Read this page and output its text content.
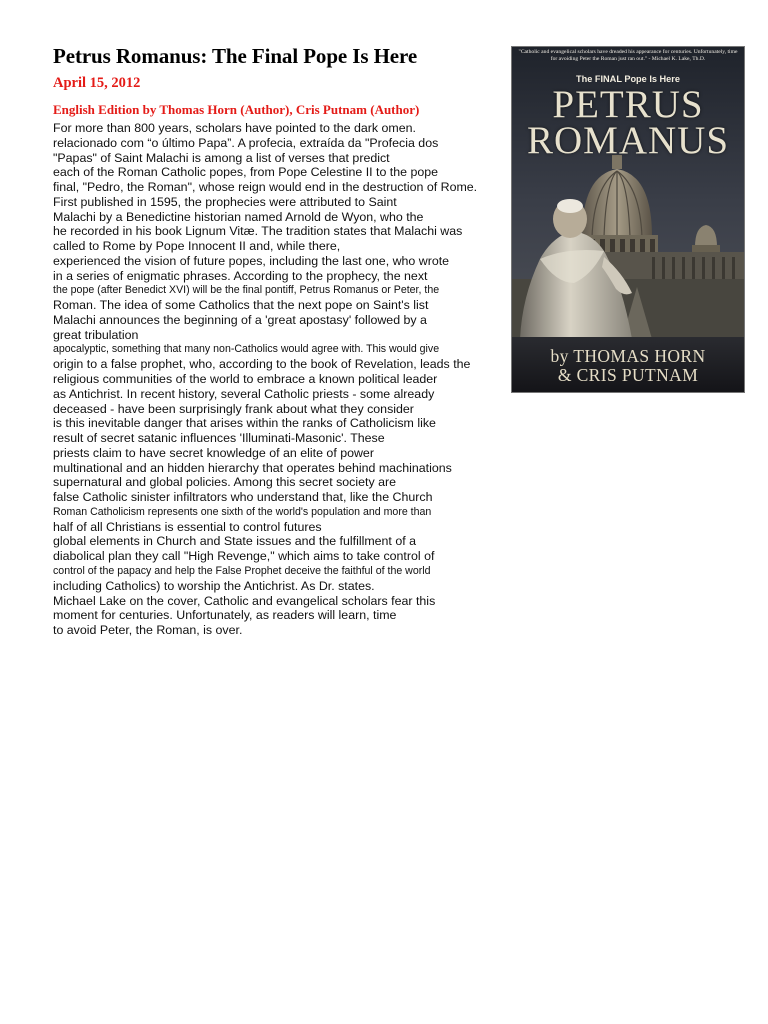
Petrus Romanus: The Final Pope Is Here
April 15, 2012
English Edition by Thomas Horn (Author), Cris Putnam (Author)
For more than 800 years, scholars have pointed to the dark omen.
relacionado com “o último Papa”. A profecia, extraída da "Profecia dos
"Papas" of Saint Malachi is among a list of verses that predict
each of the Roman Catholic popes, from Pope Celestine II to the pope
final, "Pedro, the Roman", whose reign would end in the destruction of Rome.
First published in 1595, the prophecies were attributed to Saint
Malachi by a Benedictine historian named Arnold de Wyon, who the
he recorded in his book Lignum Vitæ. The tradition states that Malachi was
called to Rome by Pope Innocent II and, while there,
experienced the vision of future popes, including the last one, who wrote
in a series of enigmatic phrases. According to the prophecy, the next
the pope (after Benedict XVI) will be the final pontiff, Petrus Romanus or Peter, the
Roman. The idea of some Catholics that the next pope on Saint's list
Malachi announces the beginning of a 'great apostasy' followed by a
great tribulation
apocalyptic, something that many non-Catholics would agree with. This would give
origin to a false prophet, who, according to the book of Revelation, leads the
religious communities of the world to embrace a known political leader
as Antichrist. In recent history, several Catholic priests - some already
deceased - have been surprisingly frank about what they consider
is this inevitable danger that arises within the ranks of Catholicism like
result of secret satanic influences 'Illuminati-Masonic'. These
priests claim to have secret knowledge of an elite of power
multinational and an hidden hierarchy that operates behind machinations
supernatural and global policies. Among this secret society are
false Catholic sinister infiltrators who understand that, like the Church
Roman Catholicism represents one sixth of the world's population and more than
half of all Christians is essential to control futures
global elements in Church and State issues and the fulfillment of a
diabolical plan they call "High Revenge," which aims to take control of
control of the papacy and help the False Prophet deceive the faithful of the world
including Catholics) to worship the Antichrist. As Dr. states.
Michael Lake on the cover, Catholic and evangelical scholars fear this
moment for centuries. Unfortunately, as readers will learn, time
to avoid Peter, the Roman, is over.
"Catholic and evangelical scholars have dreaded his appearance for centuries. Unfortunately, time for avoiding Peter the Roman just ran out." - Michael K. Lake, Th.D.
The FINAL Pope Is Here
PETRUS
ROMANUS
by THOMAS HORN
& CRIS PUTNAM
